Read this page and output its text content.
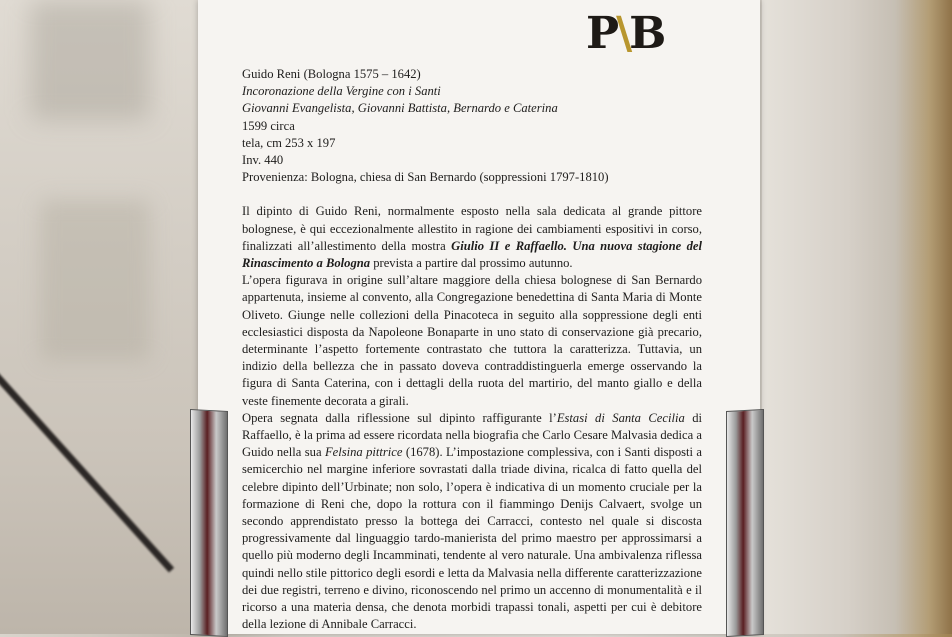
P
\
B

Guido Reni (Bologna 1575 – 1642)

Incoronazione della Vergine con i Santi

Giovanni Evangelista, Giovanni Battista, Bernardo e Caterina

1599 circa

tela, cm 253 x 197

Inv. 440

Provenienza: Bologna, chiesa di San Bernardo (soppressioni 1797-1810)

Il dipinto di Guido Reni, normalmente esposto nella sala dedicata al grande pittore bolognese, è qui eccezionalmente allestito in ragione dei cambiamenti espositivi in corso, finalizzati all’allestimento della mostra Giulio II e Raffaello. Una nuova stagione del Rinascimento a Bologna prevista a partire dal prossimo autunno.

L’opera figurava in origine sull’altare maggiore della chiesa bolognese di San Bernardo appartenuta, insieme al convento, alla Congregazione benedettina di Santa Maria di Monte Oliveto. Giunge nelle collezioni della Pinacoteca in seguito alla soppressione degli enti ecclesiastici disposta da Napoleone Bonaparte in uno stato di conservazione già precario, determinante l’aspetto fortemente contrastato che tuttora la caratterizza. Tuttavia, un indizio della bellezza che in passato doveva contraddistinguerla emerge osservando la figura di Santa Caterina, con i dettagli della ruota del martirio, del manto giallo e della veste finemente decorata a girali.

Opera segnata dalla riflessione sul dipinto raffigurante l’Estasi di Santa Cecilia di Raffaello, è la prima ad essere ricordata nella biografia che Carlo Cesare Malvasia dedica a Guido nella sua Felsina pittrice (1678). L’impostazione complessiva, con i Santi disposti a semicerchio nel margine inferiore sovrastati dalla triade divina, ricalca di fatto quella del celebre dipinto dell’Urbinate; non solo, l’opera è indicativa di un momento cruciale per la formazione di Reni che, dopo la rottura con il fiammingo Denijs Calvaert, svolge un secondo apprendistato presso la bottega dei Carracci, contesto nel quale si discosta progressivamente dal linguaggio tardo-manierista del primo maestro per approssimarsi a quello più moderno degli Incamminati, tendente al vero naturale. Una ambivalenza riflessa quindi nello stile pittorico degli esordi e letta da Malvasia nella differente caratterizzazione dei due registri, terreno e divino, riconoscendo nel primo un accenno di monumentalità e il ricorso a una materia densa, che denota morbidi trapassi tonali, aspetti per cui è debitore della lezione di Annibale Carracci.
